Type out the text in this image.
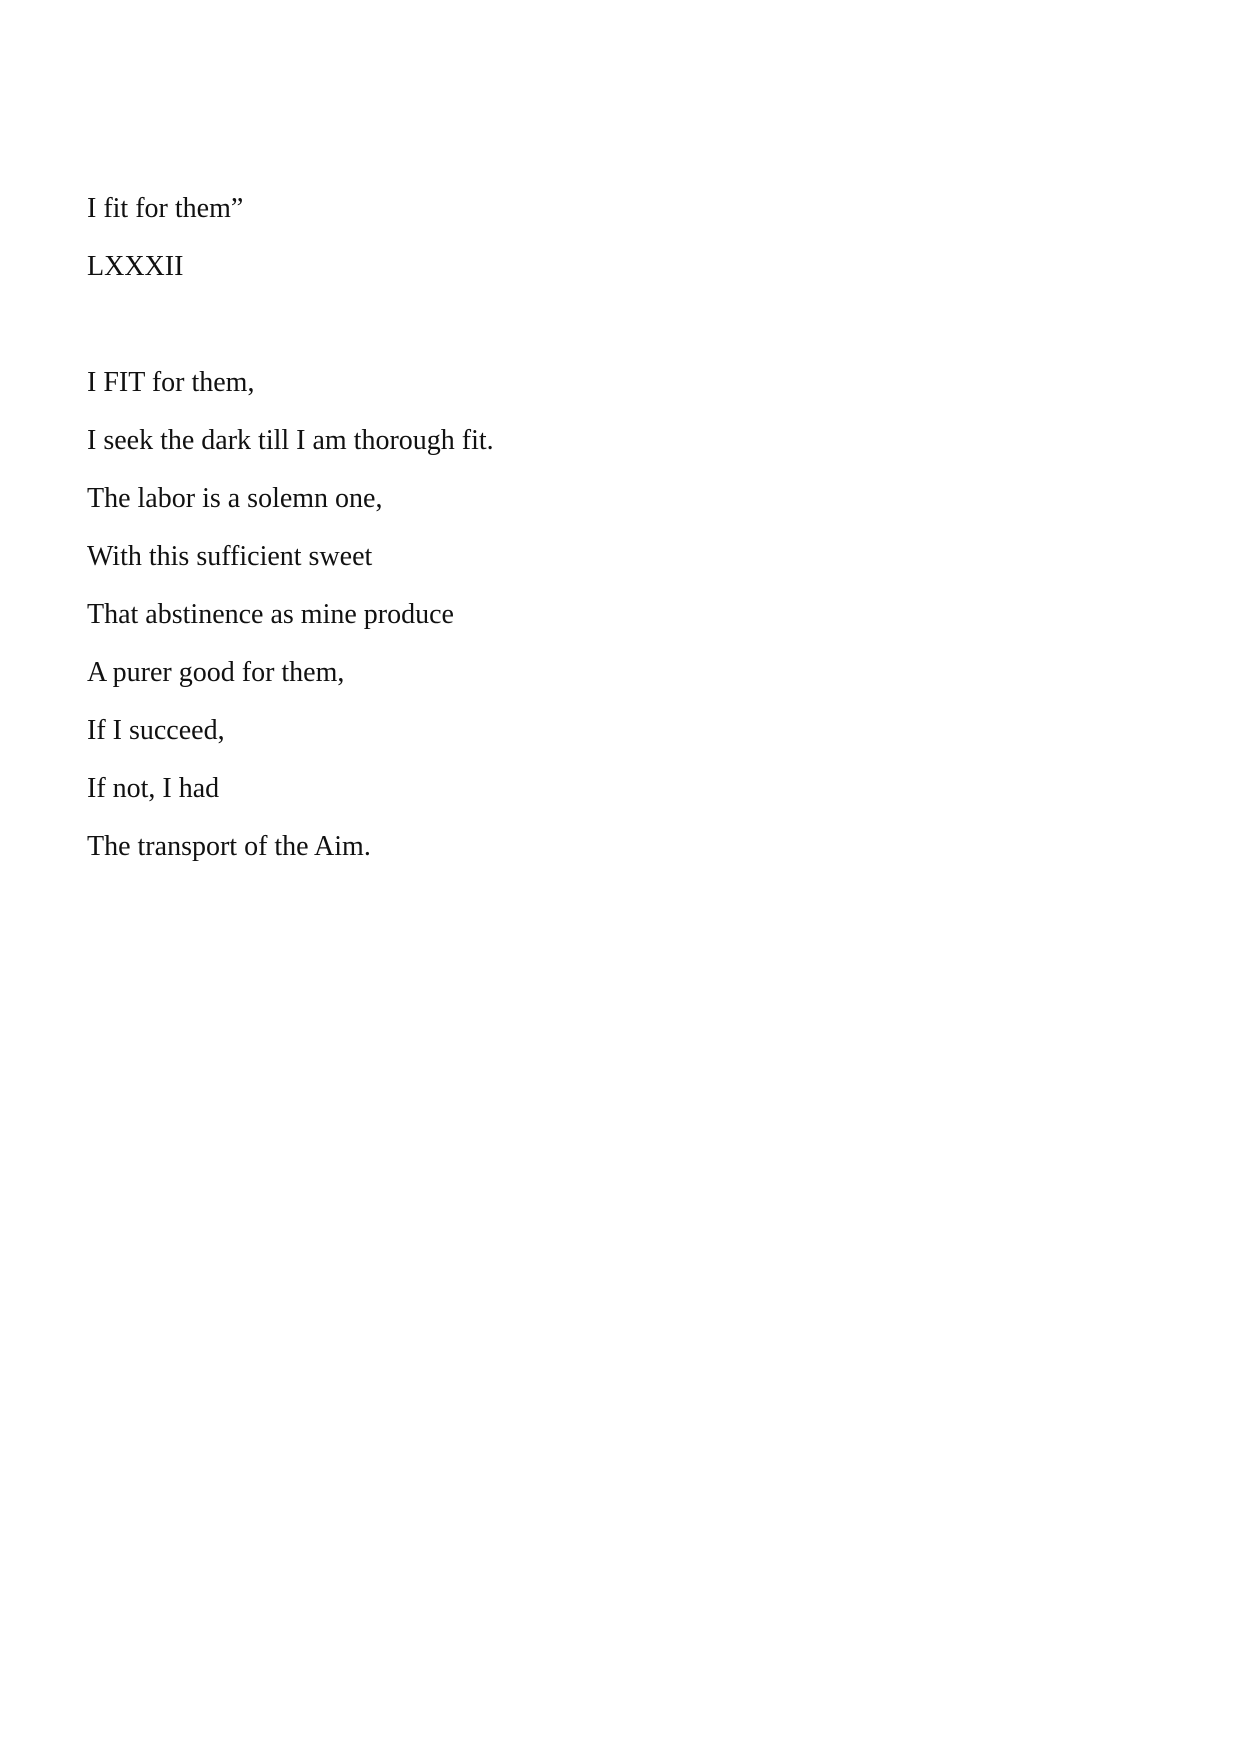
I fit for them”
LXXXII
I FIT for them,
I seek the dark till I am thorough fit.
The labor is a solemn one,
With this sufficient sweet
That abstinence as mine produce
A purer good for them,
If I succeed,
If not, I had
The transport of the Aim.
